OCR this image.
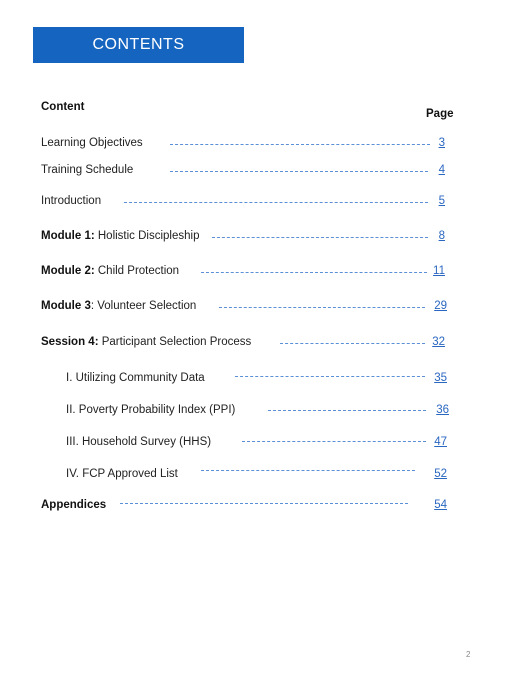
CONTENTS
Content
Page
Learning Objectives	3
Training Schedule	4
Introduction	5
Module 1: Holistic Discipleship	8
Module 2: Child Protection	11
Module 3: Volunteer Selection	29
Session 4: Participant Selection Process	32
I. Utilizing Community Data	35
II. Poverty Probability Index (PPI)	36
III. Household Survey (HHS)	47
IV. FCP Approved List	52
Appendices	54
2
